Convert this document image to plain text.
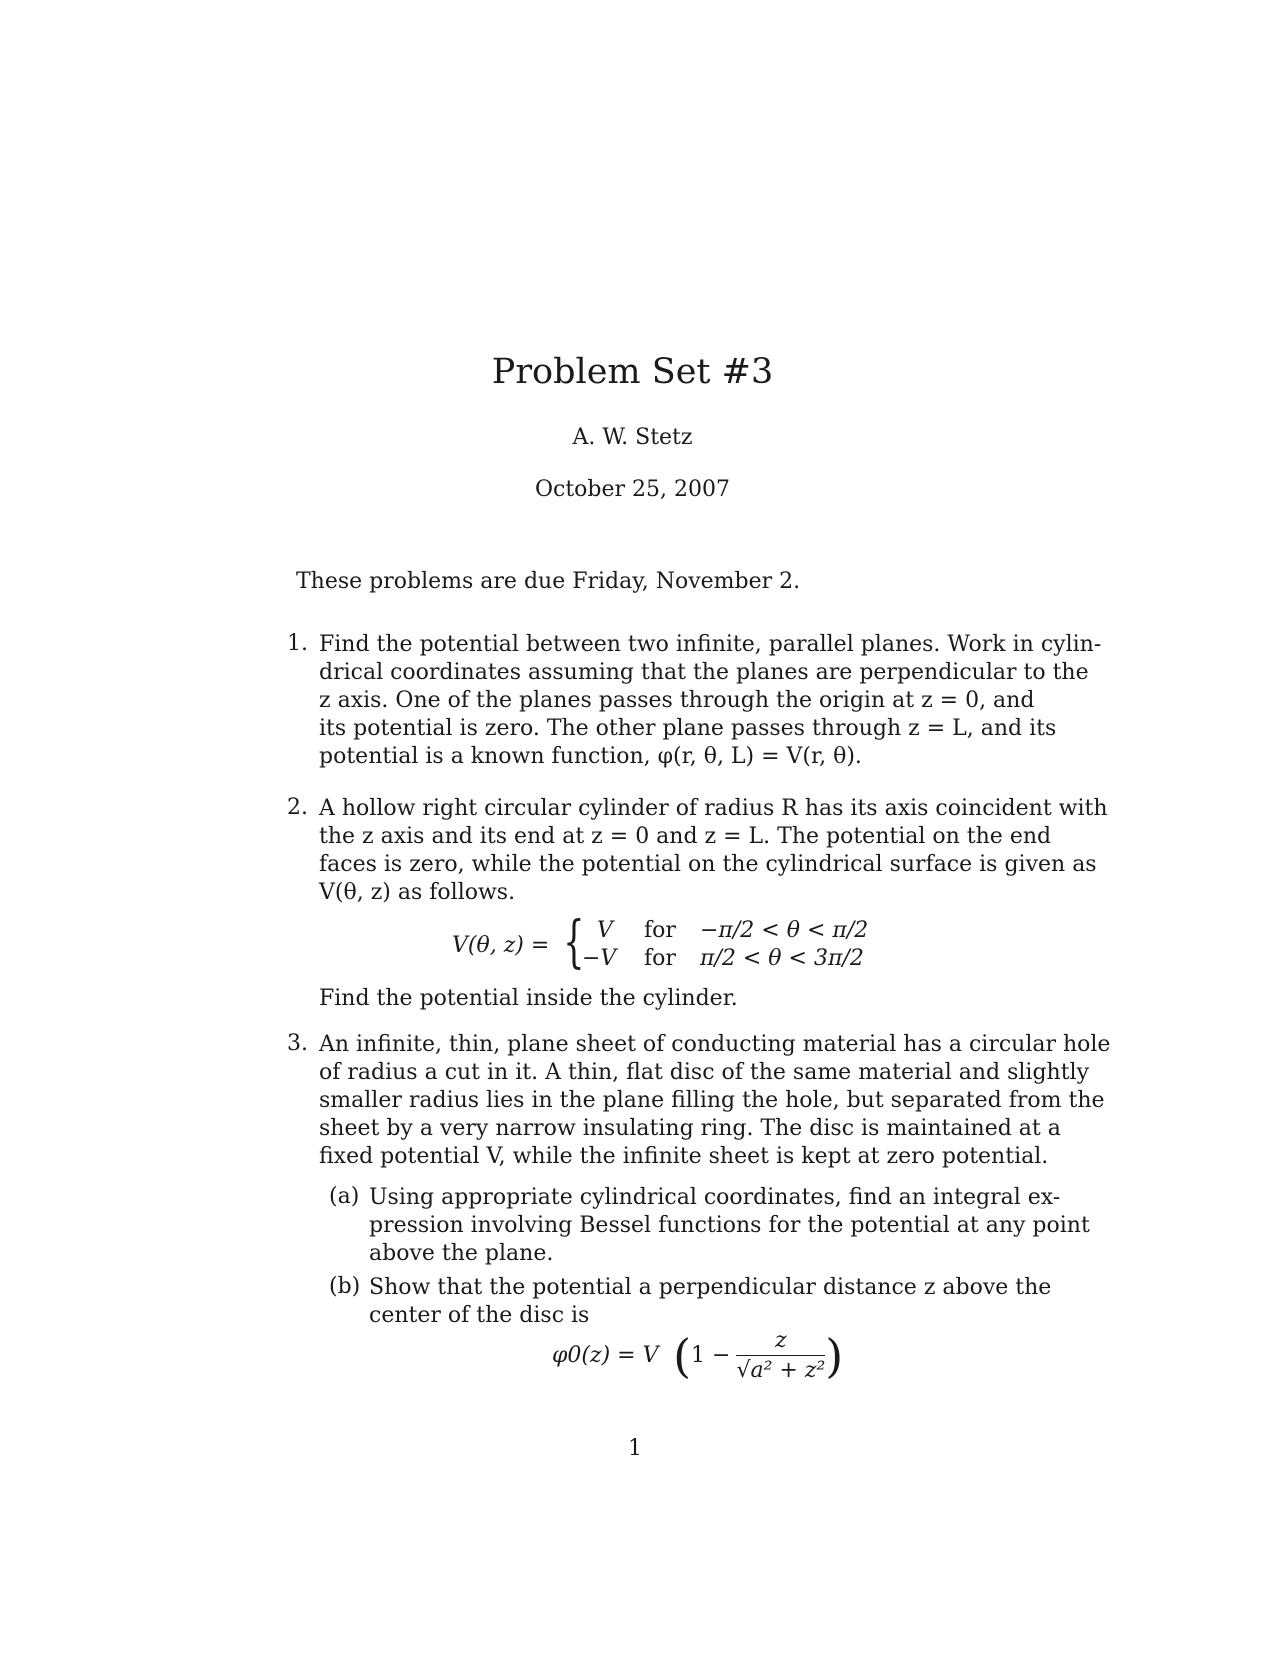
Problem Set #3
A. W. Stetz
October 25, 2007
These problems are due Friday, November 2.
1. Find the potential between two infinite, parallel planes. Work in cylin-
drical coordinates assuming that the planes are perpendicular to the
z axis. One of the planes passes through the origin at z = 0, and
its potential is zero. The other plane passes through z = L, and its
potential is a known function, φ(r, θ, L) = V(r, θ).
2. A hollow right circular cylinder of radius R has its axis coincident with
the z axis and its end at z = 0 and z = L. The potential on the end
faces is zero, while the potential on the cylindrical surface is given as
V(θ, z) as follows.
V(θ, z) = { V for −π/2 < θ < π/2
−V for π/2 < θ < 3π/2
Find the potential inside the cylinder.
3. An infinite, thin, plane sheet of conducting material has a circular hole
of radius a cut in it. A thin, flat disc of the same material and slightly
smaller radius lies in the plane filling the hole, but separated from the
sheet by a very narrow insulating ring. The disc is maintained at a
fixed potential V, while the infinite sheet is kept at zero potential.
(a) Using appropriate cylindrical coordinates, find an integral ex-
pression involving Bessel functions for the potential at any point
above the plane.
(b) Show that the potential a perpendicular distance z above the
center of the disc is
φ0(z) = V ( $1 - \frac{z}{\text{√a² + z²}}$ )
1
